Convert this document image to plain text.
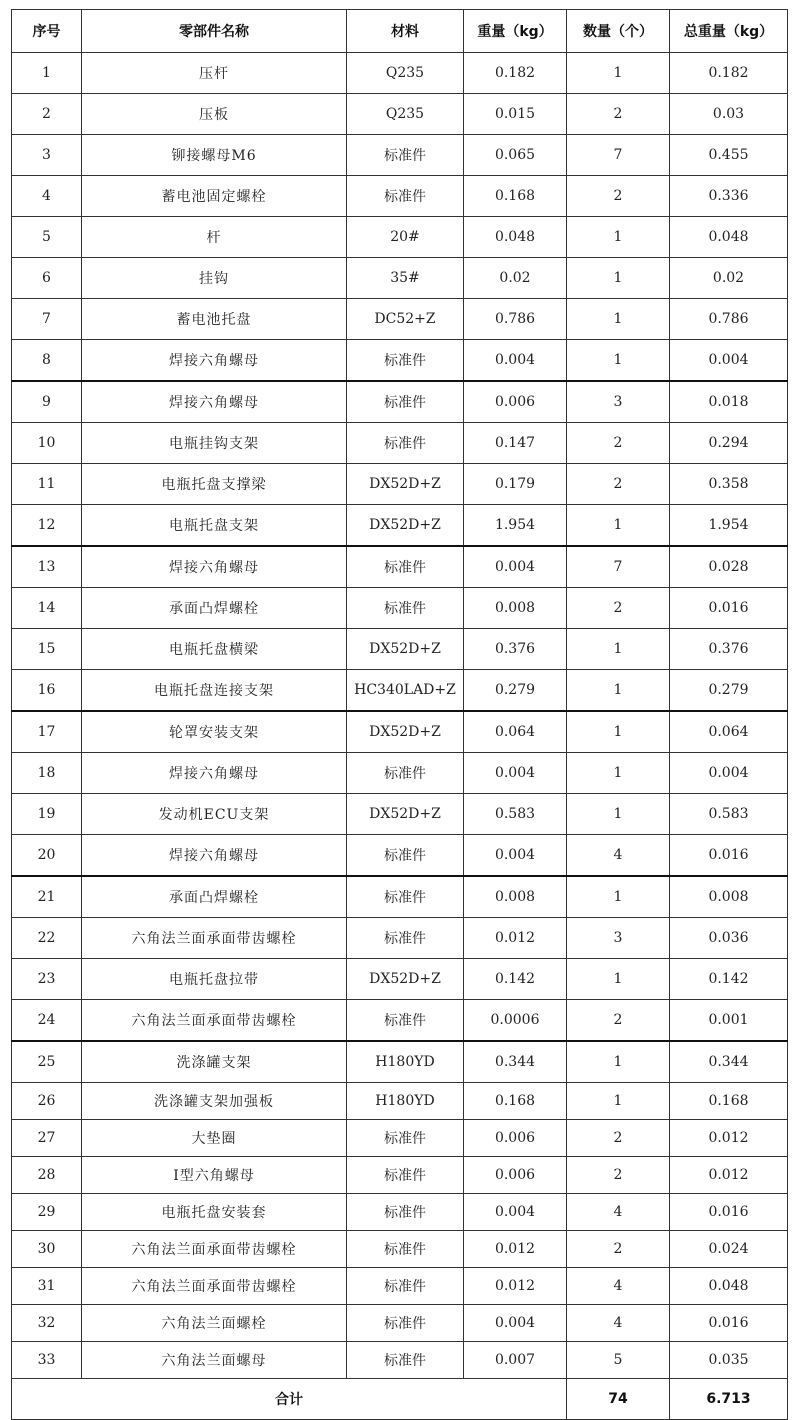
序号	零部件名称	材料	重量（kg）	数量（个）	总重量（kg）
1	压杆	Q235	0.182	1	0.182
2	压板	Q235	0.015	2	0.03
3	铆接螺母M6	标准件	0.065	7	0.455
4	蓄电池固定螺栓	标准件	0.168	2	0.336
5	杆	20#	0.048	1	0.048
6	挂钩	35#	0.02	1	0.02
7	蓄电池托盘	DC52+Z	0.786	1	0.786
8	焊接六角螺母	标准件	0.004	1	0.004
9	焊接六角螺母	标准件	0.006	3	0.018
10	电瓶挂钩支架	标准件	0.147	2	0.294
11	电瓶托盘支撑梁	DX52D+Z	0.179	2	0.358
12	电瓶托盘支架	DX52D+Z	1.954	1	1.954
13	焊接六角螺母	标准件	0.004	7	0.028
14	承面凸焊螺栓	标准件	0.008	2	0.016
15	电瓶托盘横梁	DX52D+Z	0.376	1	0.376
16	电瓶托盘连接支架	HC340LAD+Z	0.279	1	0.279
17	轮罩安装支架	DX52D+Z	0.064	1	0.064
18	焊接六角螺母	标准件	0.004	1	0.004
19	发动机ECU支架	DX52D+Z	0.583	1	0.583
20	焊接六角螺母	标准件	0.004	4	0.016
21	承面凸焊螺栓	标准件	0.008	1	0.008
22	六角法兰面承面带齿螺栓	标准件	0.012	3	0.036
23	电瓶托盘拉带	DX52D+Z	0.142	1	0.142
24	六角法兰面承面带齿螺栓	标准件	0.0006	2	0.001
25	洗涤罐支架	H180YD	0.344	1	0.344
26	洗涤罐支架加强板	H180YD	0.168	1	0.168
27	大垫圈	标准件	0.006	2	0.012
28	I型六角螺母	标准件	0.006	2	0.012
29	电瓶托盘安装套	标准件	0.004	4	0.016
30	六角法兰面承面带齿螺栓	标准件	0.012	2	0.024
31	六角法兰面承面带齿螺栓	标准件	0.012	4	0.048
32	六角法兰面螺栓	标准件	0.004	4	0.016
33	六角法兰面螺母	标准件	0.007	5	0.035
合计				74	6.713
